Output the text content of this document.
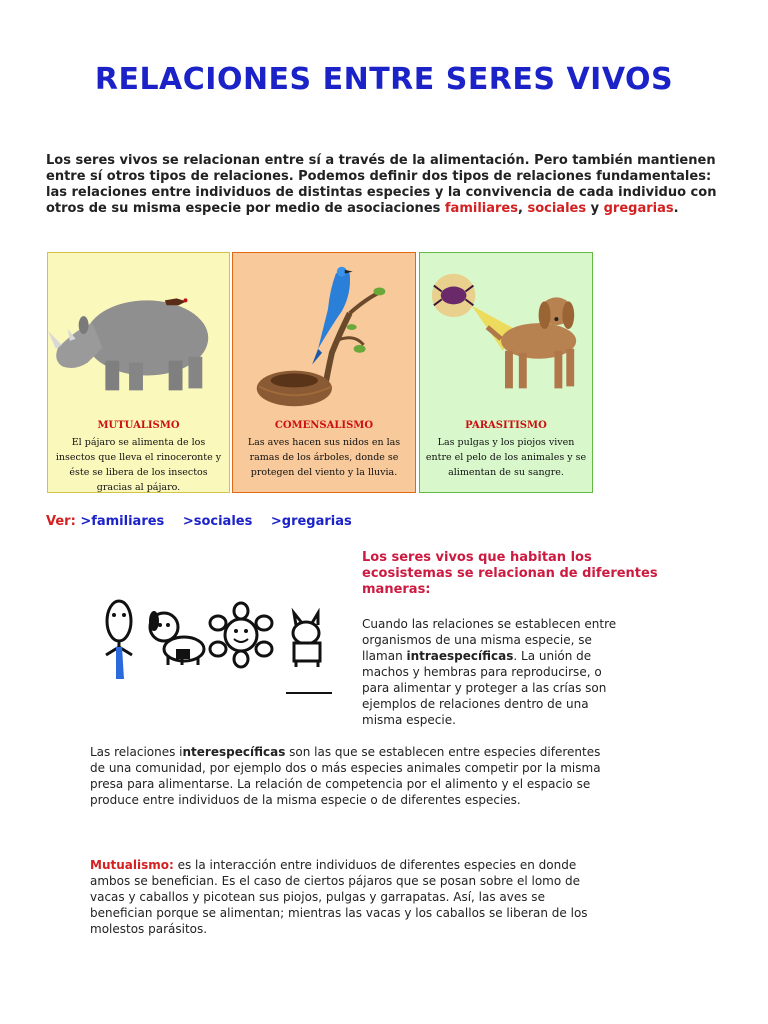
RELACIONES ENTRE SERES VIVOS
Los seres vivos se relacionan entre sí a través de la alimentación. Pero también mantienen entre sí otros tipos de relaciones. Podemos definir dos tipos de relaciones fundamentales: las relaciones entre individuos de distintas especies y la convivencia de cada individuo con otros de su misma especie por medio de asociaciones familiares, sociales y gregarias.
MUTUALISMO
El pájaro se alimenta de los insectos que lleva el rinoceronte y éste se libera de los insectos gracias al pájaro.
COMENSALISMO
Las aves hacen sus nidos en las ramas de los árboles, donde se protegen del viento y la lluvia.
PARASITISMO
Las pulgas y los piojos viven entre el pelo de los animales y se alimentan de su sangre.
Ver: >familiares >sociales >gregarias
Los seres vivos que habitan los ecosistemas se relacionan de diferentes maneras:
Cuando las relaciones se establecen entre organismos de una misma especie, se llaman intraespecíficas. La unión de machos y hembras para reproducirse, o para alimentar y proteger a las crías son ejemplos de relaciones dentro de una misma especie.
Las relaciones interespecíficas son las que se establecen entre especies diferentes de una comunidad, por ejemplo dos o más especies animales competir por la misma presa para alimentarse. La relación de competencia por el alimento y el espacio se produce entre individuos de la misma especie o de diferentes especies.
Mutualismo: es la interacción entre individuos de diferentes especies en donde ambos se benefician. Es el caso de ciertos pájaros que se posan sobre el lomo de vacas y caballos y picotean sus piojos, pulgas y garrapatas. Así, las aves se benefician porque se alimentan; mientras las vacas y los caballos se liberan de los molestos parásitos.
